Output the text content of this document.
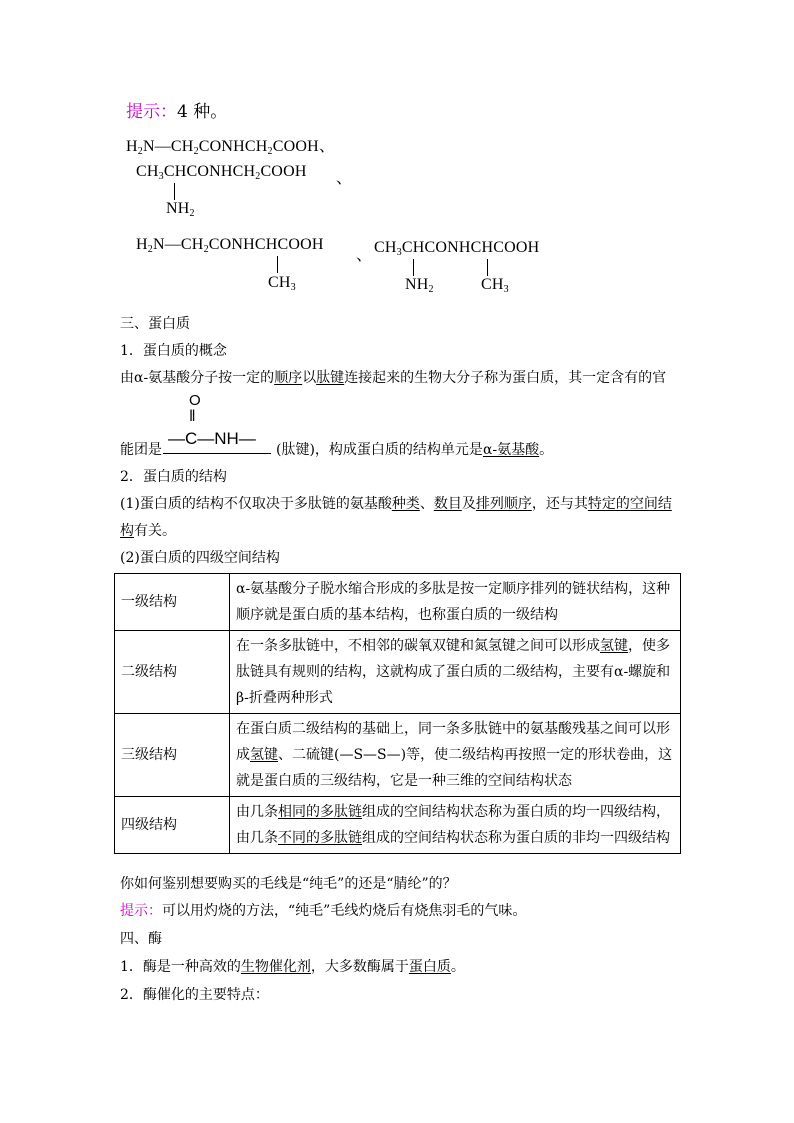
提示：4 种。
$H_2N—CH_2CONHCH_2COOH$、
$CH_3CHCONHCH_2COOH$ 、
$NH_2$
$H_2N—CH_2CONHCHCOOH$
$CH_3$
、 $CH_3CHCONHCHCOOH$
$NH_2$	$CH_3$
三、蛋白质
1．蛋白质的概念
由α-氨基酸分子按一定的顺序以肽键连接起来的生物大分子称为蛋白质，其一定含有的官
O
‖
能团是
—C—NH—
(肽键)，构成蛋白质的结构单元是α-氨基酸。
2．蛋白质的结构
(1)蛋白质的结构不仅取决于多肽链的氨基酸种类、数目及排列顺序，还与其特定的空间结
构有关。
(2)蛋白质的四级空间结构
一级结构	α-氨基酸分子脱水缩合形成的多肽是按一定顺序排列的链状结构，这种
顺序就是蛋白质的基本结构，也称蛋白质的一级结构

二级结构	在一条多肽链中，不相邻的碳氧双键和氮氢键之间可以形成氢键，使多
肽链具有规则的结构，这就构成了蛋白质的二级结构，主要有α-螺旋和
β-折叠两种形式

三级结构	在蛋白质二级结构的基础上，同一条多肽链中的氨基酸残基之间可以形
成氢键、二硫键(—S—S—)等，使二级结构再按照一定的形状卷曲，这
就是蛋白质的三级结构，它是一种三维的空间结构状态

四级结构	由几条相同的多肽链组成的空间结构状态称为蛋白质的均一四级结构，
由几条不同的多肽链组成的空间结构状态称为蛋白质的非均一四级结构
你如何鉴别想要购买的毛线是“纯毛”的还是“腈纶”的？
提示：可以用灼烧的方法，“纯毛”毛线灼烧后有烧焦羽毛的气味。
四、酶
1．酶是一种高效的生物催化剂，大多数酶属于蛋白质。
2．酶催化的主要特点：
